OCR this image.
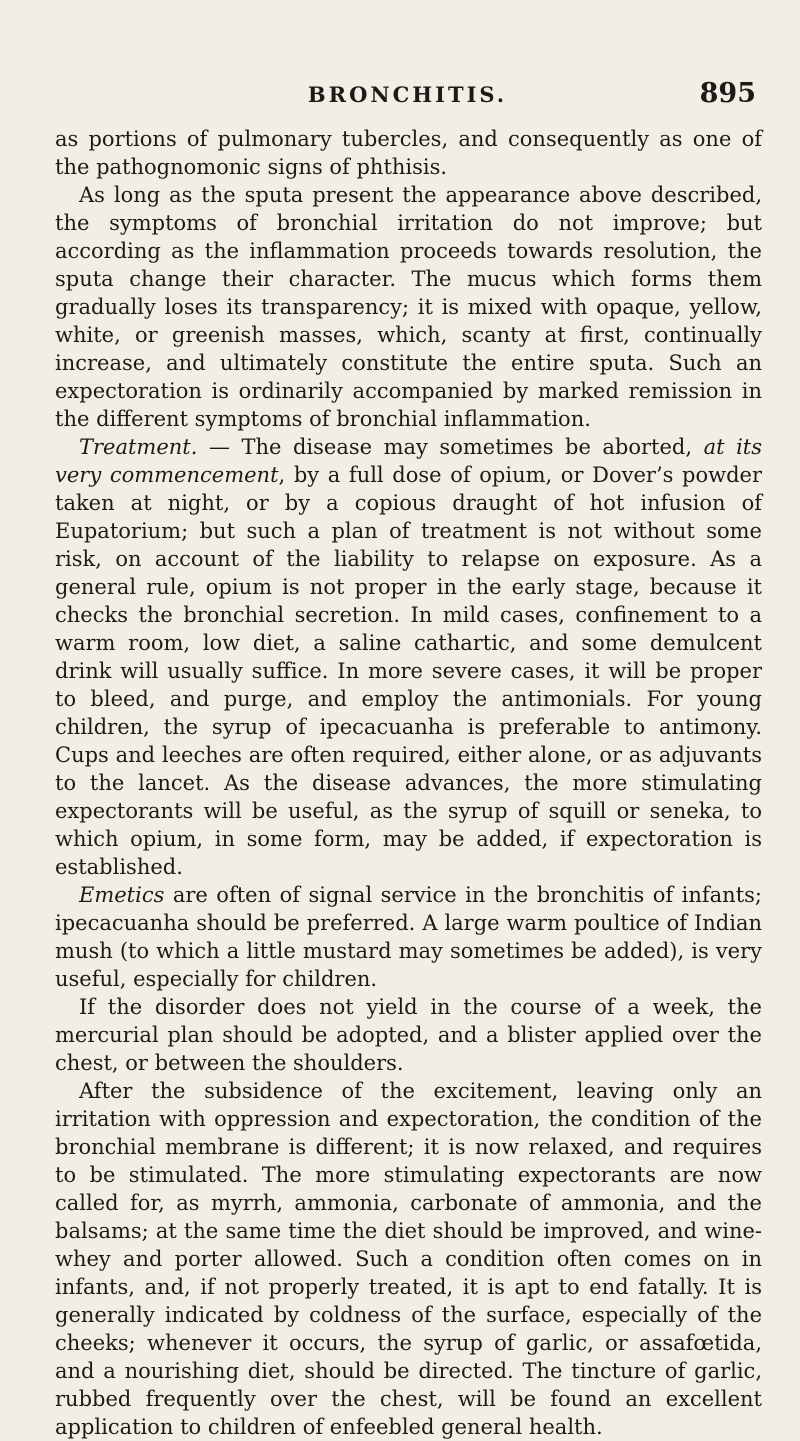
BRONCHITIS.	895

as portions of pulmonary tubercles, and consequently as one of the pathognomonic signs of phthisis.

As long as the sputa present the appearance above described, the symptoms of bronchial irritation do not improve; but according as the inflammation proceeds towards resolution, the sputa change their character. The mucus which forms them gradually loses its transparency; it is mixed with opaque, yellow, white, or greenish masses, which, scanty at first, continually increase, and ultimately constitute the entire sputa. Such an expectoration is ordinarily accompanied by marked remission in the different symptoms of bronchial inflammation.

Treatment. — The disease may sometimes be aborted, at its very commencement, by a full dose of opium, or Dover’s powder taken at night, or by a copious draught of hot infusion of Eupatorium; but such a plan of treatment is not without some risk, on account of the liability to relapse on exposure. As a general rule, opium is not proper in the early stage, because it checks the bronchial secretion. In mild cases, confinement to a warm room, low diet, a saline cathartic, and some demulcent drink will usually suffice. In more severe cases, it will be proper to bleed, and purge, and employ the antimonials. For young children, the syrup of ipecacuanha is preferable to antimony. Cups and leeches are often required, either alone, or as adjuvants to the lancet. As the disease advances, the more stimulating expectorants will be useful, as the syrup of squill or seneka, to which opium, in some form, may be added, if expectoration is established.

Emetics are often of signal service in the bronchitis of infants; ipecacuanha should be preferred. A large warm poultice of Indian mush (to which a little mustard may sometimes be added), is very useful, especially for children.

If the disorder does not yield in the course of a week, the mercurial plan should be adopted, and a blister applied over the chest, or between the shoulders.

After the subsidence of the excitement, leaving only an irritation with oppression and expectoration, the condition of the bronchial membrane is different; it is now relaxed, and requires to be stimulated. The more stimulating expectorants are now called for, as myrrh, ammonia, carbonate of ammonia, and the balsams; at the same time the diet should be improved, and wine-whey and porter allowed. Such a condition often comes on in infants, and, if not properly treated, it is apt to end fatally. It is generally indicated by coldness of the surface, especially of the cheeks; whenever it occurs, the syrup of garlic, or assafœtida, and a nourishing diet, should be directed. The tincture of garlic, rubbed frequently over the chest, will be found an excellent application to children of enfeebled general health.
